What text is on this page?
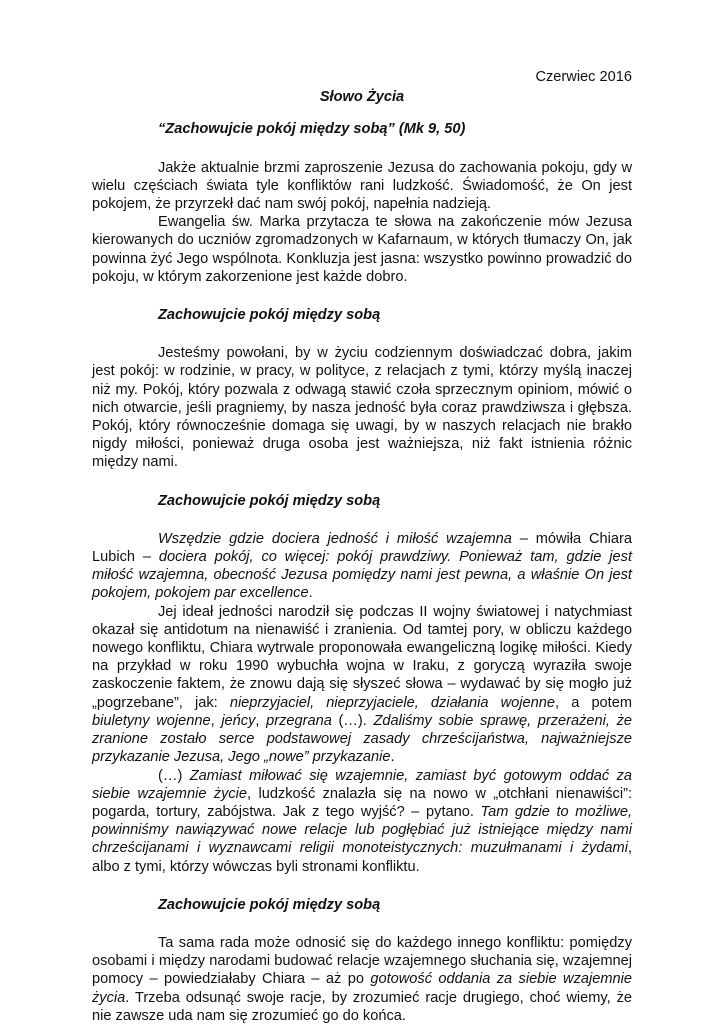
Czerwiec 2016
Słowo Życia
“Zachowujcie pokój między sobą” (Mk 9, 50)

Jakże aktualnie brzmi zaproszenie Jezusa do zachowania pokoju, gdy w wielu częściach świata tyle konfliktów rani ludzkość. Świadomość, że On jest pokojem, że przyrzekł dać nam swój pokój, napełnia nadzieją.

Ewangelia św. Marka przytacza te słowa na zakończenie mów Jezusa kierowanych do uczniów zgromadzonych w Kafarnaum, w których tłumaczy On, jak powinna żyć Jego wspólnota. Konkluzja jest jasna: wszystko powinno prowadzić do pokoju, w którym zakorzenione jest każde dobro.

Zachowujcie pokój między sobą

Jesteśmy powołani, by w życiu codziennym doświadczać dobra, jakim jest pokój: w rodzinie, w pracy, w polityce, z relacjach z tymi, którzy myślą inaczej niż my. Pokój, który pozwala z odwagą stawić czoła sprzecznym opiniom, mówić o nich otwarcie, jeśli pragniemy, by nasza jedność była coraz prawdziwsza i głębsza. Pokój, który równocześnie domaga się uwagi, by w naszych relacjach nie brakło nigdy miłości, ponieważ druga osoba jest ważniejsza, niż fakt istnienia różnic między nami.

Zachowujcie pokój między sobą

Wszędzie gdzie dociera jedność i miłość wzajemna – mówiła Chiara Lubich – dociera pokój, co więcej: pokój prawdziwy. Ponieważ tam, gdzie jest miłość wzajemna, obecność Jezusa pomiędzy nami jest pewna, a właśnie On jest pokojem, pokojem par excellence.

Jej ideał jedności narodził się podczas II wojny światowej i natychmiast okazał się antidotum na nienawiść i zranienia. Od tamtej pory, w obliczu każdego nowego konfliktu, Chiara wytrwale proponowała ewangeliczną logikę miłości. Kiedy na przykład w roku 1990 wybuchła wojna w Iraku, z goryczą wyraziła swoje zaskoczenie faktem, że znowu dają się słyszeć słowa – wydawać by się mogło już „pogrzebane”, jak: nieprzyjaciel, nieprzyjaciele, działania wojenne, a potem biuletyny wojenne, jeńcy, przegrana (…). Zdaliśmy sobie sprawę, przerażeni, że zranione zostało serce podstawowej zasady chrześcijaństwa, najważniejsze przykazanie Jezusa, Jego „nowe” przykazanie.

(…) Zamiast miłować się wzajemnie, zamiast być gotowym oddać za siebie wzajemnie życie, ludzkość znalazła się na nowo w „otchłani nienawiści”: pogarda, tortury, zabójstwa. Jak z tego wyjść? – pytano. Tam gdzie to możliwe, powinniśmy nawiązywać nowe relacje lub pogłębiać już istniejące między nami chrześcijanami i wyznawcami religii monoteistycznych: muzułmanami i żydami, albo z tymi, którzy wówczas byli stronami konfliktu.

Zachowujcie pokój między sobą

Ta sama rada może odnosić się do każdego innego konfliktu: pomiędzy osobami i między narodami budować relacje wzajemnego słuchania się, wzajemnej pomocy – powiedziałaby Chiara – aż po gotowość oddania za siebie wzajemnie życia. Trzeba odsunąć swoje racje, by zrozumieć racje drugiego, choć wiemy, że nie zawsze uda nam się zrozumieć go do końca.
